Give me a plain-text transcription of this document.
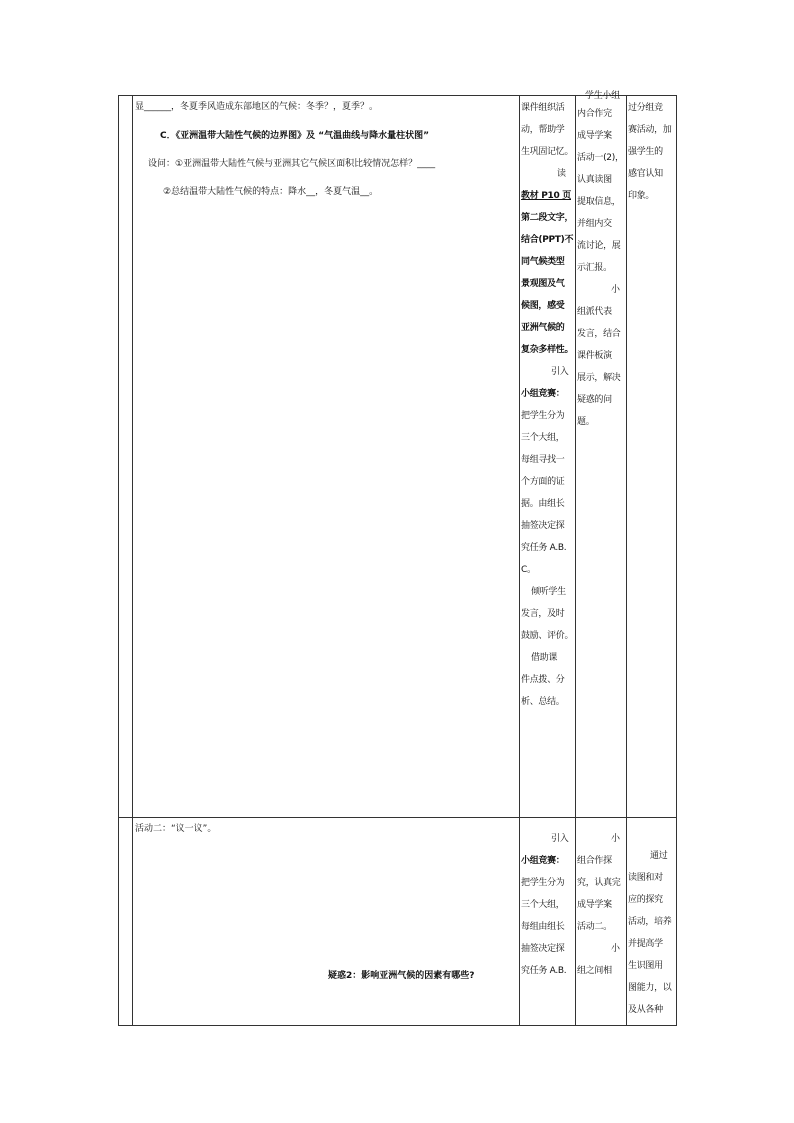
显______，冬夏季风造成东部地区的气候：冬季？，夏季？。
C．《亚洲温带大陆性气候的边界图》及 “气温曲线与降水量柱状图”
设问：①亚洲温带大陆性气候与亚洲其它气候区面积比较情况怎样？____
②总结温带大陆性气候的特点：降水__，冬夏气温__。
课件组织活
动，帮助学
生巩固记忆。
读
教材 P10 页
第二段文字，
结合(PPT)不
同气候类型
景观图及气
候图，感受
亚洲气候的
复杂多样性。
引入
小组竞赛：
把学生分为
三个大组，
每组寻找一
个方面的证
据。由组长
抽签决定探
究任务 A.B.
C。
倾听学生
发言，及时
鼓励、评价。
借助课
件点拨、分
析、总结。
学生小组
内合作完
成导学案
活动一(2)，
认真读图
提取信息，
并组内交
流讨论，展
示汇报。
小
组派代表
发言，结合
课件板演
展示，解决
疑惑的问
题。
过分组竞
赛活动，加
强学生的
感官认知
印象。
活动二：“议一议”。
疑惑2：影响亚洲气候的因素有哪些?
引入
小组竞赛：
把学生分为
三个大组，
每组由组长
抽签决定探
究任务 A.B.
小
组合作探
究，认真完
成导学案
活动二。
小
组之间相
通过
读图和对
应的探究
活动，培养
并提高学
生识图用
图能力，以
及从各种
